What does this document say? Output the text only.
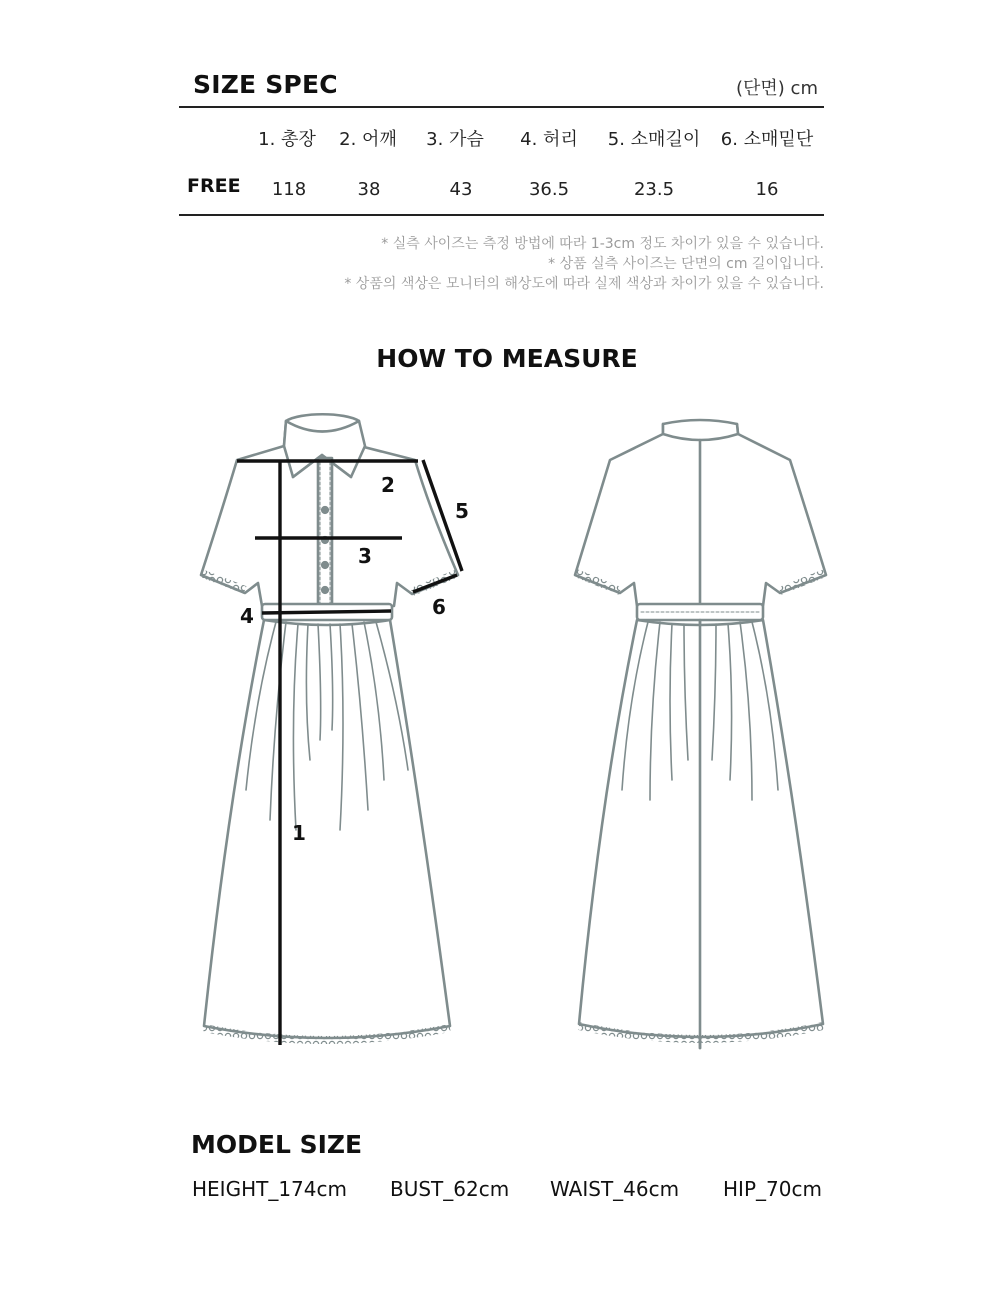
SIZE SPEC	(단면) cm
1. 총장 2. 어깨 3. 가슴 4. 허리 5. 소매길이 6. 소매밑단
FREE 118	38	43	36.5	23.5	16
* 실측 사이즈는 측정 방법에 따라 1-3cm 정도 차이가 있을 수 있습니다.
* 상품 실측 사이즈는 단면의 cm 길이입니다.
* 상품의 색상은 모니터의 해상도에 따라 실제 색상과 차이가 있을 수 있습니다.
HOW TO MEASURE
1
2
3
4
5
6
MODEL SIZE
HEIGHT_174cm BUST_62cm WAIST_46cm HIP_70cm
